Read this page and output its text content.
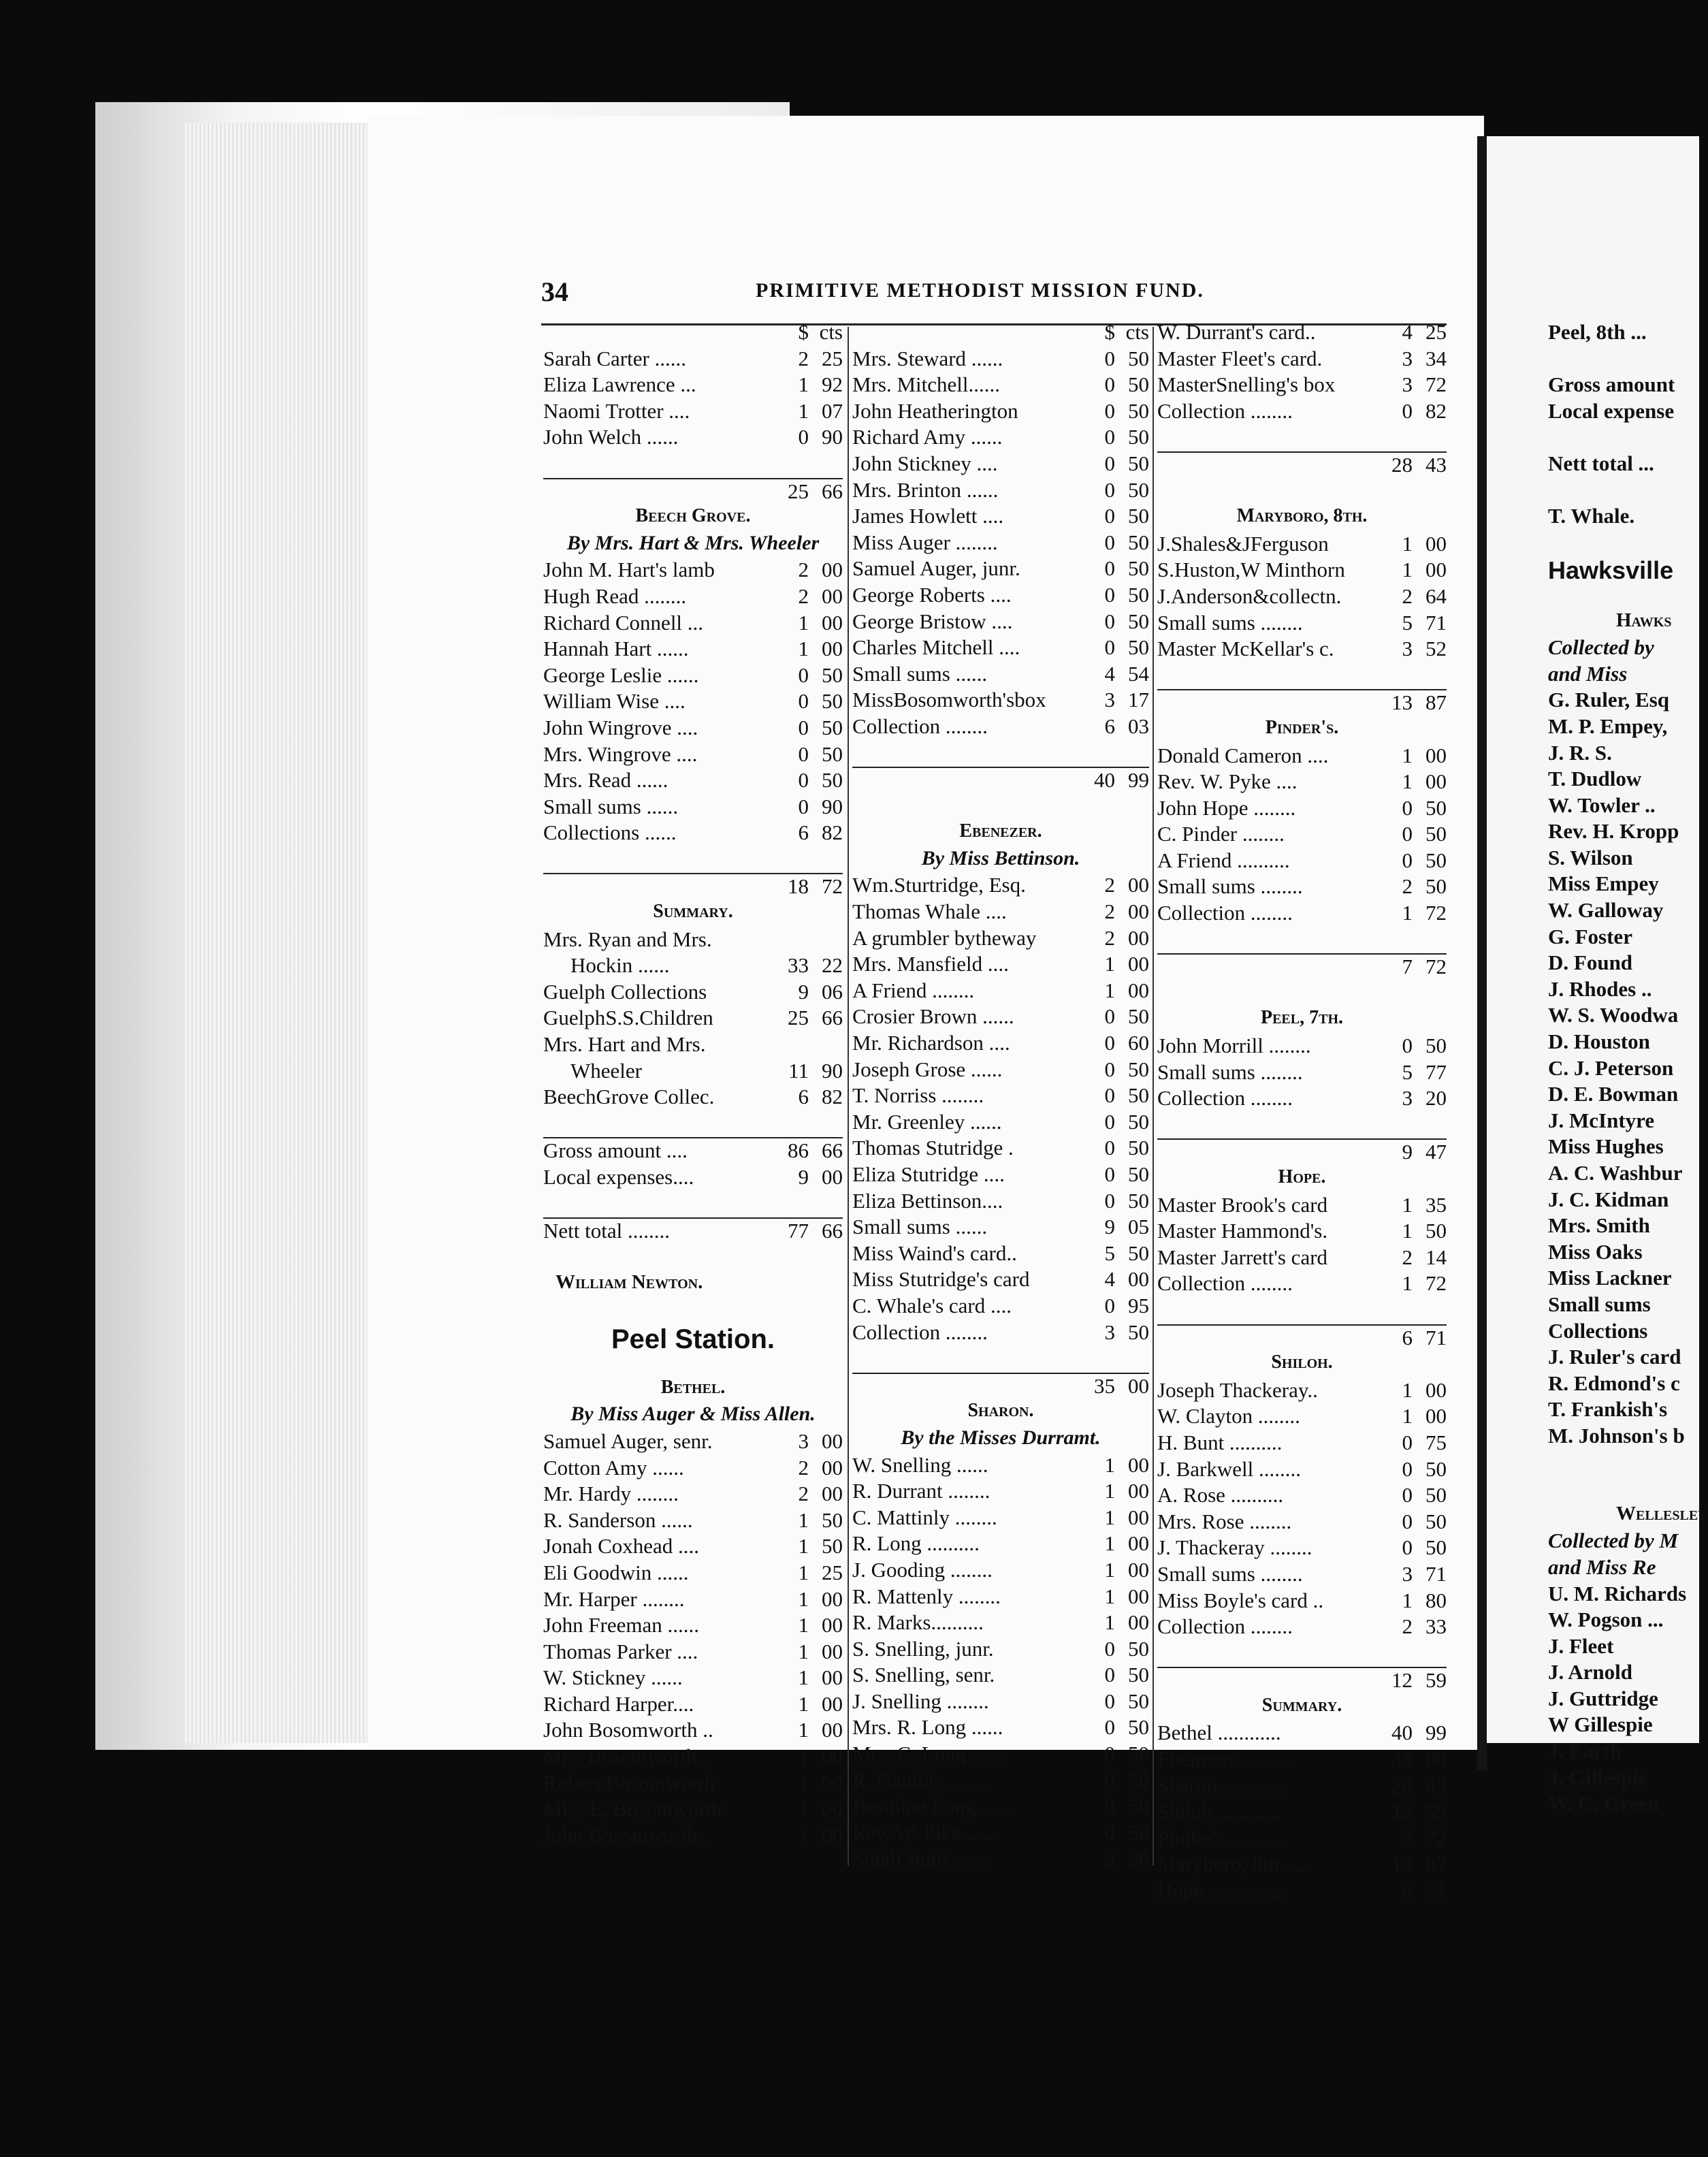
Peel, 8th ...
Gross amount
Local expense
Nett total ...
T. Whale.
Hawksville
Hawks
Collected by
and Miss
G. Ruler, Esq
M. P. Empey,
J. R. S.
T. Dudlow
W. Towler ..
Rev. H. Kropp
S. Wilson
Miss Empey
W. Galloway
G. Foster
D. Found
J. Rhodes ..
W. S. Woodwa
D. Houston
C. J. Peterson
D. E. Bowman
J. McIntyre
Miss Hughes
A. C. Washbur
J. C. Kidman
Mrs. Smith
Miss Oaks
Miss Lackner
Small sums
Collections
J. Ruler's card
R. Edmond's c
T. Frankish's
M. Johnson's b
Wellesley
Collected by M
and Miss Re
U. M. Richards
W. Pogson ...
J. Fleet
J. Arnold
J. Guttridge
W Gillespie
J. Earth
J. Gillespie
W. C. Green
34	PRIMITIVE METHODIST MISSION FUND.
$ cts
Sarah Carter ......	2 25
Eliza Lawrence ...	1 92
Naomi Trotter ....	1 07
John Welch ......	0 90
25 66
Beech Grove.
By Mrs. Hart & Mrs. Wheeler
John M. Hart's lamb	2 00
Hugh Read ........	2 00
Richard Connell ...	1 00
Hannah Hart ......	1 00
George Leslie ......	0 50
William Wise ....	0 50
John Wingrove ....	0 50
Mrs. Wingrove ....	0 50
Mrs. Read ......	0 50
Small sums ......	0 90
Collections ......	6 82
18 72
Summary.
Mrs. Ryan and Mrs.
Hockin ......	33 22
Guelph Collections	9 06
GuelphS.S.Children	25 66
Mrs. Hart and Mrs.
Wheeler	11 90
BeechGrove Collec.	6 82
Gross amount ....	86 66
Local expenses....	9 00
Nett total ........	77 66
William Newton.
Peel Station.
Bethel.
By Miss Auger & Miss Allen.
Samuel Auger, senr.	3 00
Cotton Amy ......	2 00
Mr. Hardy ........	2 00
R. Sanderson ......	1 50
Jonah Coxhead ....	1 50
Eli Goodwin ......	1 25
Mr. Harper ........	1 00
John Freeman ......	1 00
Thomas Parker ....	1 00
W. Stickney ......	1 00
Richard Harper....	1 00
John Bosomworth ..	1 00
Mrs. Bosomworth ..	1 00
Robert Bosomworth	1 00
Miss E. Bosomworth	1 00
John Bosomworth..	1 00
$ cts
Mrs. Steward ......	0 50
Mrs. Mitchell......	0 50
John Heatherington	0 50
Richard Amy ......	0 50
John Stickney ....	0 50
Mrs. Brinton ......	0 50
James Howlett ....	0 50
Miss Auger ........	0 50
Samuel Auger, junr.	0 50
George Roberts ....	0 50
George Bristow ....	0 50
Charles Mitchell ....	0 50
Small sums ......	4 54
MissBosomworth'sbox	3 17
Collection ........	6 03
40 99
Ebenezer.
By Miss Bettinson.
Wm.Sturtridge, Esq.	2 00
Thomas Whale ....	2 00
A grumbler bytheway	2 00
Mrs. Mansfield ....	1 00
A Friend ........	1 00
Crosier Brown ......	0 50
Mr. Richardson ....	0 60
Joseph Grose ......	0 50
T. Norriss ........	0 50
Mr. Greenley ......	0 50
Thomas Stutridge .	0 50
Eliza Stutridge ....	0 50
Eliza Bettinson....	0 50
Small sums ......	9 05
Miss Waind's card..	5 50
Miss Stutridge's card	4 00
C. Whale's card ....	0 95
Collection ........	3 50
35 00
Sharon.
By the Misses Durramt.
W. Snelling ......	1 00
R. Durrant ........	1 00
C. Mattinly ........	1 00
R. Long ..........	1 00
J. Gooding ........	1 00
R. Mattenly ........	1 00
R. Marks..........	1 00
S. Snelling, junr.	0 50
S. Snelling, senr.	0 50
J. Snelling ........	0 50
Mrs. R. Long ......	0 50
Mrs. C. Long ......	0 50
R. Gamble ........	0 50
Besmine Long ......	0 50
Rev. W. Pike ......	0 50
Small sums ......	5 30
W. Durrant's card..	4 25
Master Fleet's card.	3 34
MasterSnelling's box	3 72
Collection ........	0 82
28 43
Maryboro, 8th.
J.Shales&JFerguson	1 00
S.Huston,W Minthorn	1 00
J.Anderson&collectn.	2 64
Small sums ........	5 71
Master McKellar's c.	3 52
13 87
Pinder's.
Donald Cameron ....	1 00
Rev. W. Pyke ....	1 00
John Hope ........	0 50
C. Pinder ........	0 50
A Friend ..........	0 50
Small sums ........	2 50
Collection ........	1 72
7 72
Peel, 7th.
John Morrill ........	0 50
Small sums ........	5 77
Collection ........	3 20
9 47
Hope.
Master Brook's card	1 35
Master Hammond's.	1 50
Master Jarrett's card	2 14
Collection ........	1 72
6 71
Shiloh.
Joseph Thackeray..	1 00
W. Clayton ........	1 00
H. Bunt ..........	0 75
J. Barkwell ........	0 50
A. Rose ..........	0 50
Mrs. Rose ........	0 50
J. Thackeray ........	0 50
Small sums ........	3 71
Miss Boyle's card ..	1 80
Collection ........	2 33
12 59
Summary.
Bethel ............	40 99
Ebenezer ..........	35 00
Sharon ............	28 43
Shiloh ............	12 59
Pinder's ..........	7 72
Maryboro, 8th ....	13 87
Hope ..............	6 71
